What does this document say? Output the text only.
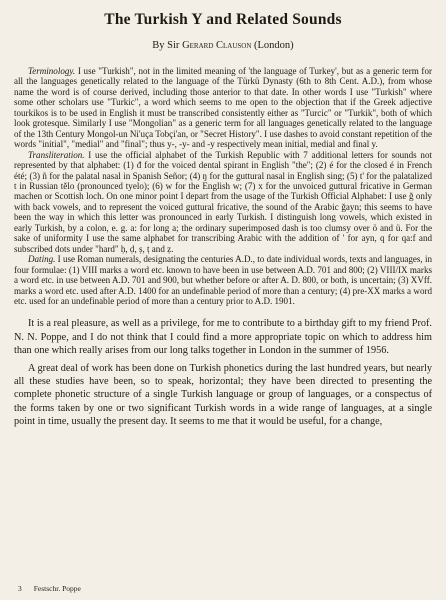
The Turkish Y and Related Sounds
By Sir Gerard Clauson (London)

Terminology. I use "Turkish", not in the limited meaning of 'the language of Turkey', but as a generic term for all the languages genetically related to the language of the Türkü Dynasty (6th to 8th Cent. A.D.), from whose name the word is of course derived, including those anterior to that date. In other words I use "Turkish" where some other scholars use "Turkic", a word which seems to me open to the objection that if the Greek adjective tourkikos is to be used in English it must be transcribed consistently either as "Turcic" or "Turkik", both of which look grotesque. Similarly I use "Mongolian" as a generic term for all languages genetically related to the language of the 13th Century Mongol-un Ni'uça Tobçi'an, or "Secret History". I use dashes to avoid constant repetition of the words "initial", "medial" and "final"; thus y-, -y- and -y respectively mean initial, medial and final y.

Transliteration. I use the official alphabet of the Turkish Republic with 7 additional letters for sounds not represented by that alphabet: (1) đ for the voiced dental spirant in English "the"; (2) é for the closed é in French été; (3) ñ for the palatal nasal in Spanish Señor; (4) ŋ for the guttural nasal in English sing; (5) t' for the palatalized t in Russian tělo (pronounced tyelo); (6) w for the English w; (7) x for the unvoiced guttural fricative in German machen or Scottish loch. On one minor point I depart from the usage of the Turkish Official Alphabet: I use ğ only with back vowels, and to represent the voiced guttural fricative, the sound of the Arabic ğayn; this seems to have been the way in which this letter was pronounced in early Turkish. I distinguish long vowels, which existed in early Turkish, by a colon, e. g. a: for long a; the ordinary superimposed dash is too clumsy over ö and ü. For the sake of uniformity I use the same alphabet for transcribing Arabic with the addition of ' for ayn, q for qa:f and subscribed dots under "hard" ḥ, ḍ, ṣ, ṭ and ẓ.

Dating. I use Roman numerals, designating the centuries A.D., to date individual words, texts and languages, in four formulae: (1) VIII marks a word etc. known to have been in use between A.D. 701 and 800; (2) VIII/IX marks a word etc. in use between A.D. 701 and 900, but whether before or after A. D. 800, or both, is uncertain; (3) XVff. marks a word etc. used after A.D. 1400 for an undefinable period of more than a century; (4) pre-XX marks a word etc. used for an undefinable period of more than a century prior to A.D. 1901.

It is a real pleasure, as well as a privilege, for me to contribute to a birthday gift to my friend Prof. N. N. Poppe, and I do not think that I could find a more appropriate topic on which to address him than one which really arises from our long talks together in London in the summer of 1956.

A great deal of work has been done on Turkish phonetics during the last hundred years, but nearly all these studies have been, so to speak, horizontal; they have been directed to presenting the complete phonetic structure of a single Turkish language or group of languages, or a conspectus of the forms taken by one or two significant Turkish words in a wide range of languages, at a single point in time, usually the present day. It seems to me that it would be useful, for a change,

3 Festschr. Poppe
